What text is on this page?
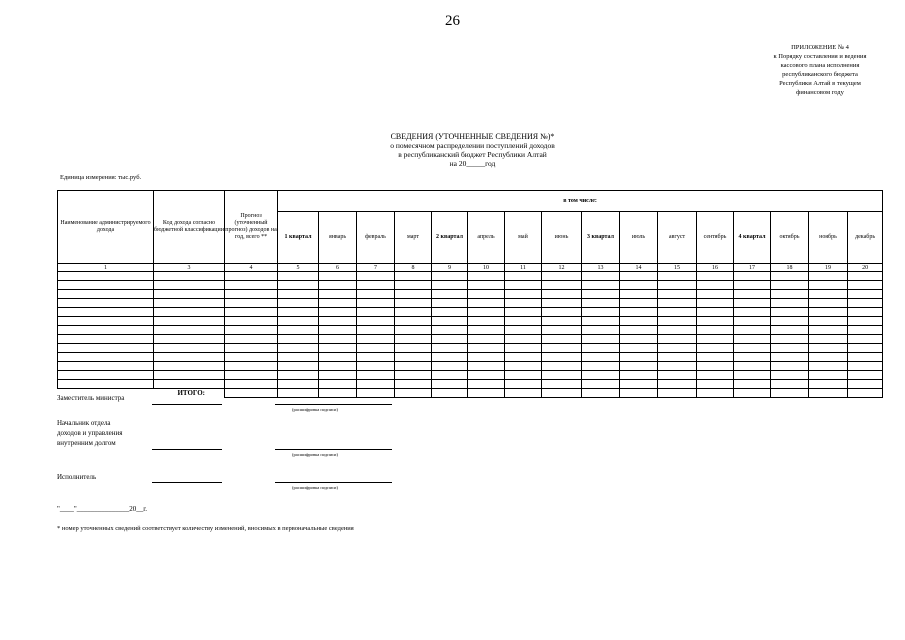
26
ПРИЛОЖЕНИЕ № 4
к Порядку составления и ведения
кассового плана исполнения
республиканского бюджета
Республики Алтай в текущем
финансовом году
СВЕДЕНИЯ (УТОЧНЕННЫЕ СВЕДЕНИЯ №)*
о помесячном распределении поступлений доходов
в республиканский бюджет Республики Алтай
на 20_____год
Единица измерения: тыс.руб.
Наименование администрируемого дохода	Код дохода согласно бюджетной классификации	Прогноз (уточненный прогноз) доходов на год, всего **	в том числе:															
			1 квартал	январь	февраль	март	2 квартал	апрель	май	июнь	3 квартал	июль	август	сентябрь	4 квартал	октябрь	ноябрь	декабрь
1	3	4	5	6	7	8	9	10	11	12	13	14	15	16	17	18	19	20

ИТОГО:
Заместитель министра
(расшифровка подписи)
Начальник отдела
доходов и управления
внутренним долгом
(расшифровка подписи)
Исполнитель
(расшифровка подписи)
"____"_______________20__г.
* номер уточненных сведений соответствует количеству изменений, вносимых в первоначальные сведения
